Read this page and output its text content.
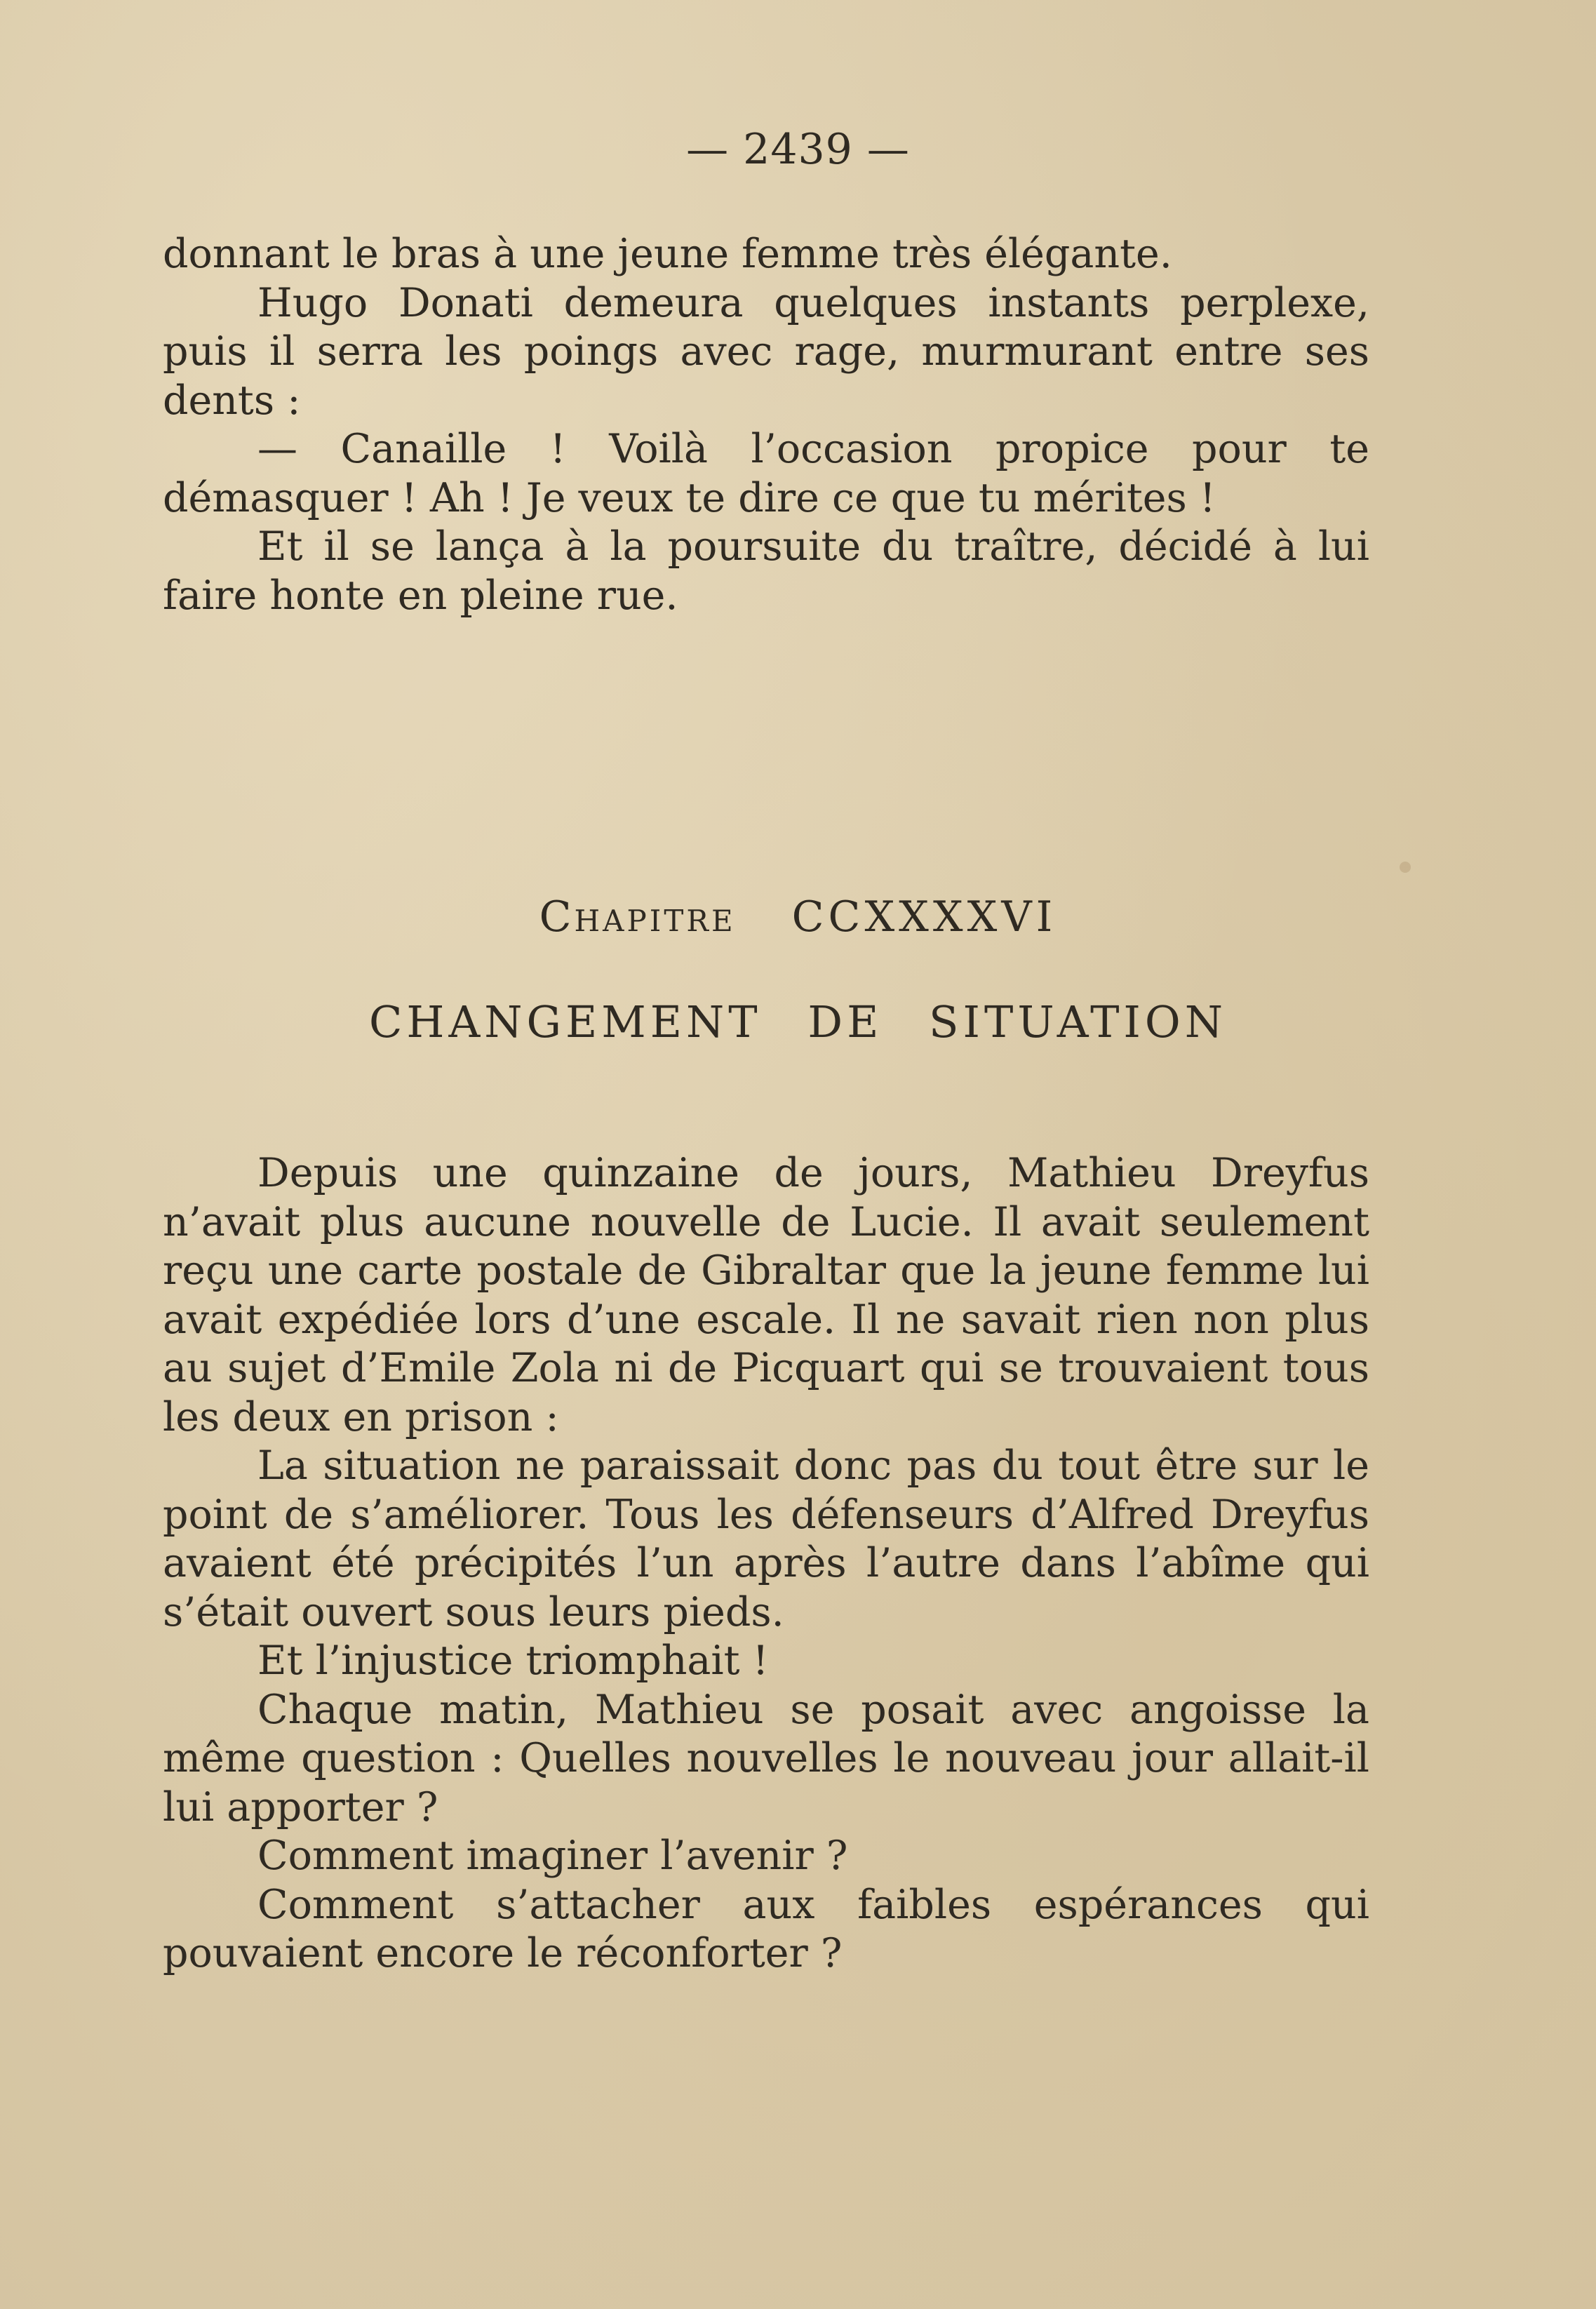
— 2439 —

donnant le bras à une jeune femme très élégante.

Hugo Donati demeura quelques instants perplexe, puis il serra les poings avec rage, murmurant entre ses dents :

— Canaille ! Voilà l’occasion propice pour te démasquer ! Ah ! Je veux te dire ce que tu mérites !

Et il se lança à la poursuite du traître, décidé à lui faire honte en pleine rue.

Chapitre CCXXXXVI
CHANGEMENT DE SITUATION

Depuis une quinzaine de jours, Mathieu Dreyfus n’avait plus aucune nouvelle de Lucie. Il avait seulement reçu une carte postale de Gibraltar que la jeune femme lui avait expédiée lors d’une escale. Il ne savait rien non plus au sujet d’Emile Zola ni de Picquart qui se trouvaient tous les deux en prison :

La situation ne paraissait donc pas du tout être sur le point de s’améliorer. Tous les défenseurs d’Alfred Dreyfus avaient été précipités l’un après l’autre dans l’abîme qui s’était ouvert sous leurs pieds.

Et l’injustice triomphait !

Chaque matin, Mathieu se posait avec angoisse la même question : Quelles nouvelles le nouveau jour allait-il lui apporter ?

Comment imaginer l’avenir ?

Comment s’attacher aux faibles espérances qui pouvaient encore le réconforter ?
